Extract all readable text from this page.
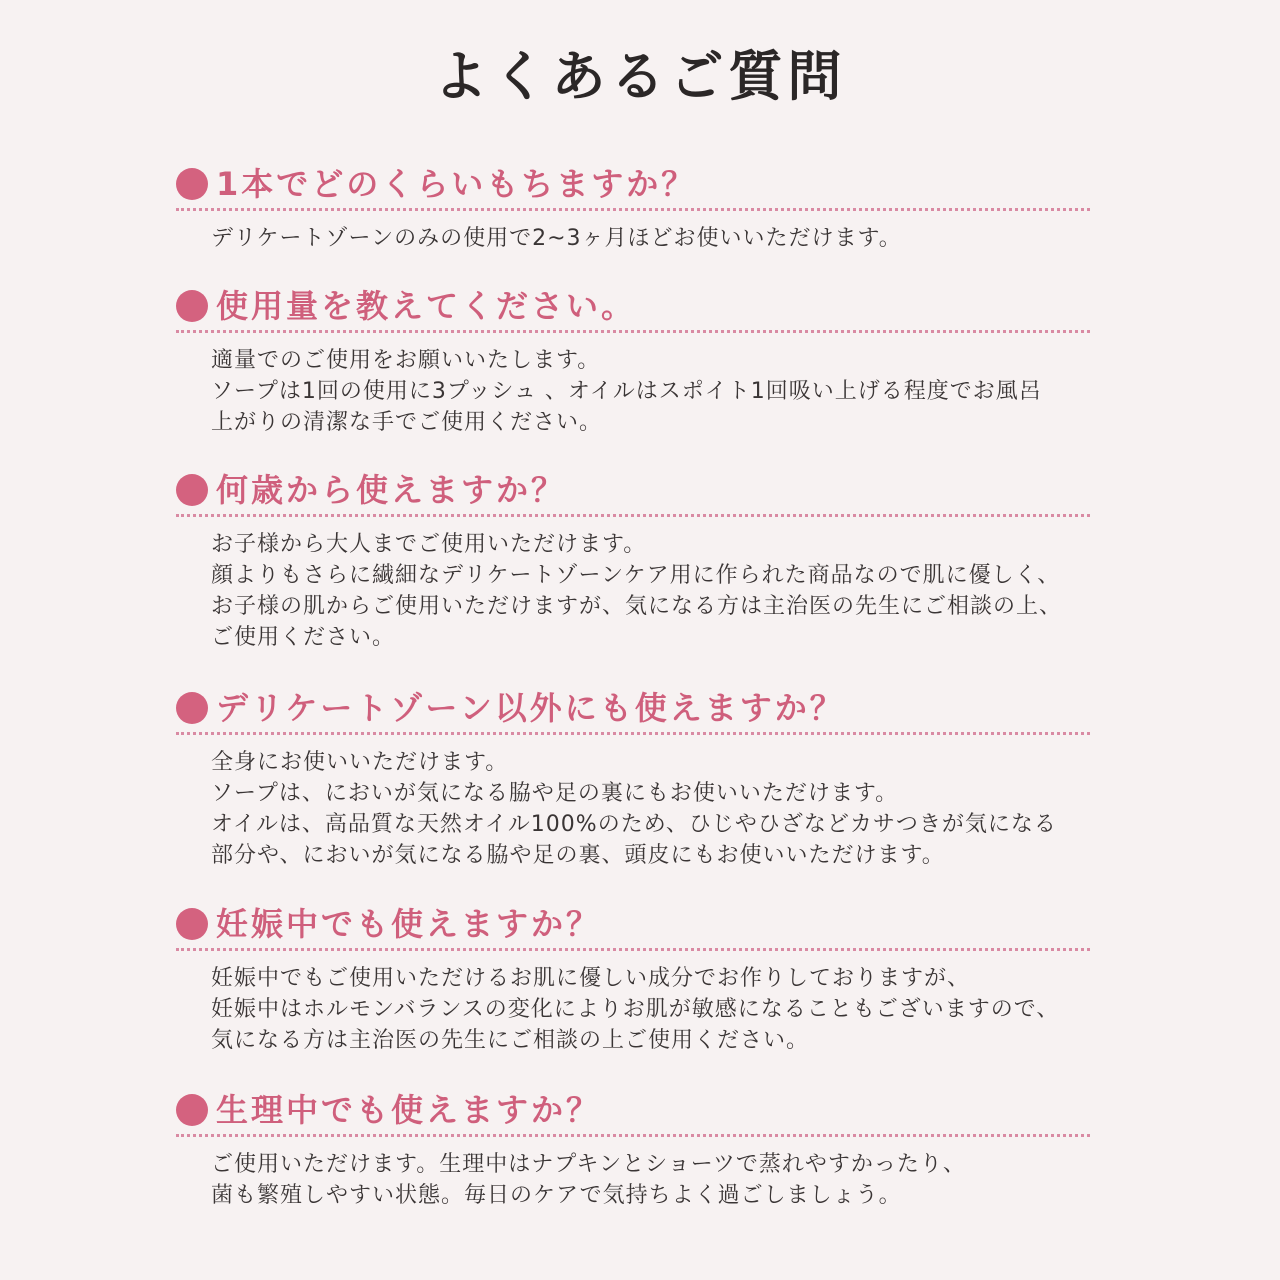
よくあるご質問
1本でどのくらいもちますか？
デリケートゾーンのみの使用で2~3ヶ月ほどお使いいただけます。
使用量を教えてください。
適量でのご使用をお願いいたします。
ソープは1回の使用に3プッシュ 、オイルはスポイト1回吸い上げる程度でお風呂
上がりの清潔な手でご使用ください。
何歳から使えますか？
お子様から大人までご使用いただけます。
顔よりもさらに繊細なデリケートゾーンケア用に作られた商品なので肌に優しく、
お子様の肌からご使用いただけますが、気になる方は主治医の先生にご相談の上、
ご使用ください。
デリケートゾーン以外にも使えますか？
全身にお使いいただけます。
ソープは、においが気になる脇や足の裏にもお使いいただけます。
オイルは、高品質な天然オイル100%のため、ひじやひざなどカサつきが気になる
部分や、においが気になる脇や足の裏、頭皮にもお使いいただけます。
妊娠中でも使えますか？
妊娠中でもご使用いただけるお肌に優しい成分でお作りしておりますが、
妊娠中はホルモンバランスの変化によりお肌が敏感になることもございますので、
気になる方は主治医の先生にご相談の上ご使用ください。
生理中でも使えますか？
ご使用いただけます。生理中はナプキンとショーツで蒸れやすかったり、
菌も繁殖しやすい状態。毎日のケアで気持ちよく過ごしましょう。
